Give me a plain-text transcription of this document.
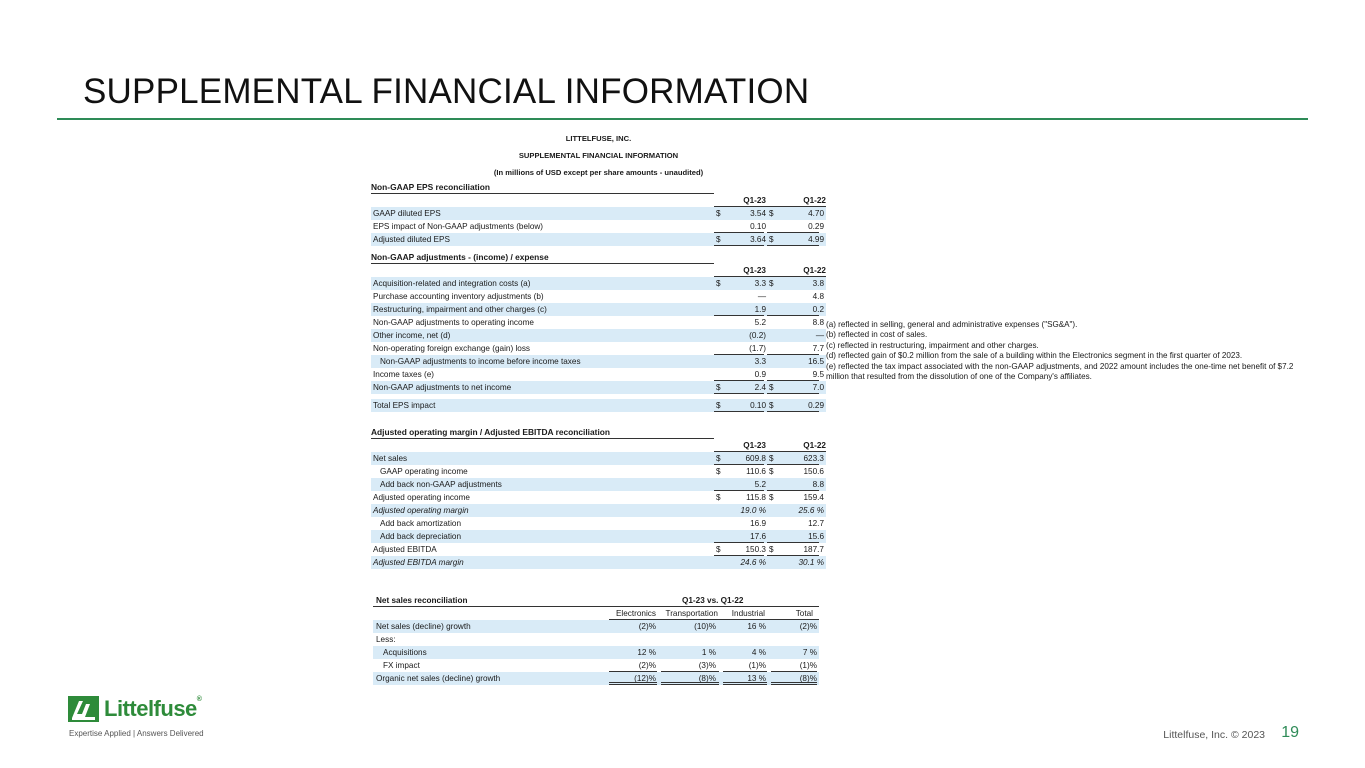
SUPPLEMENTAL FINANCIAL INFORMATION
LITTELFUSE, INC.
SUPPLEMENTAL FINANCIAL INFORMATION
(In millions of USD except per share amounts - unaudited)
Non-GAAP EPS reconciliation
Q1-23	Q1-22
GAAP diluted EPS	$	3.54 $	4.70
EPS impact of Non-GAAP adjustments (below)	0.10	0.29
Adjusted diluted EPS	$	3.64 $	4.99
Non-GAAP adjustments - (income) / expense
Q1-23	Q1-22
Acquisition-related and integration costs (a)	$	3.3 $	3.8
Purchase accounting inventory adjustments (b)	—	4.8
Restructuring, impairment and other charges (c)	1.9	0.2
Non-GAAP adjustments to operating income	5.2	8.8
Other income, net (d)	(0.2)	—
Non-operating foreign exchange (gain) loss	(1.7)	7.7
Non-GAAP adjustments to income before income taxes	3.3	16.5
Income taxes (e)	0.9	9.5
Non-GAAP adjustments to net income	$	2.4 $	7.0
Total EPS impact	$	0.10 $	0.29
Adjusted operating margin / Adjusted EBITDA reconciliation
Q1-23	Q1-22
Net sales	$	609.8 $	623.3
GAAP operating income	$	110.6 $	150.6
Add back non-GAAP adjustments	5.2	8.8
Adjusted operating income	$	115.8 $	159.4
Adjusted operating margin	19.0 %	25.6 %
Add back amortization	16.9	12.7
Add back depreciation	17.6	15.6
Adjusted EBITDA	$	150.3 $	187.7
Adjusted EBITDA margin	24.6 %	30.1 %
Net sales reconciliation	Q1-23 vs. Q1-22
Electronics	Transportation	Industrial	Total
Net sales (decline) growth	(2)%	(10)%	16 %	(2)%
Less:
Acquisitions	12 %	1 %	4 %	7 %
FX impact	(2)%	(3)%	(1)%	(1)%
Organic net sales (decline) growth	(12)%	(8)%	13 %	(8)%
(a) reflected in selling, general and administrative expenses ("SG&A").
(b) reflected in cost of sales.
(c) reflected in restructuring, impairment and other charges.
(d) reflected gain of $0.2 million from the sale of a building within the Electronics segment in the first quarter of 2023.
(e) reflected the tax impact associated with the non-GAAP adjustments, and 2022 amount includes the one-time net benefit of $7.2
million that resulted from the dissolution of one of the Company's affiliates.
Littelfuse®
Expertise Applied | Answers Delivered	Littelfuse, Inc. © 2023 19
